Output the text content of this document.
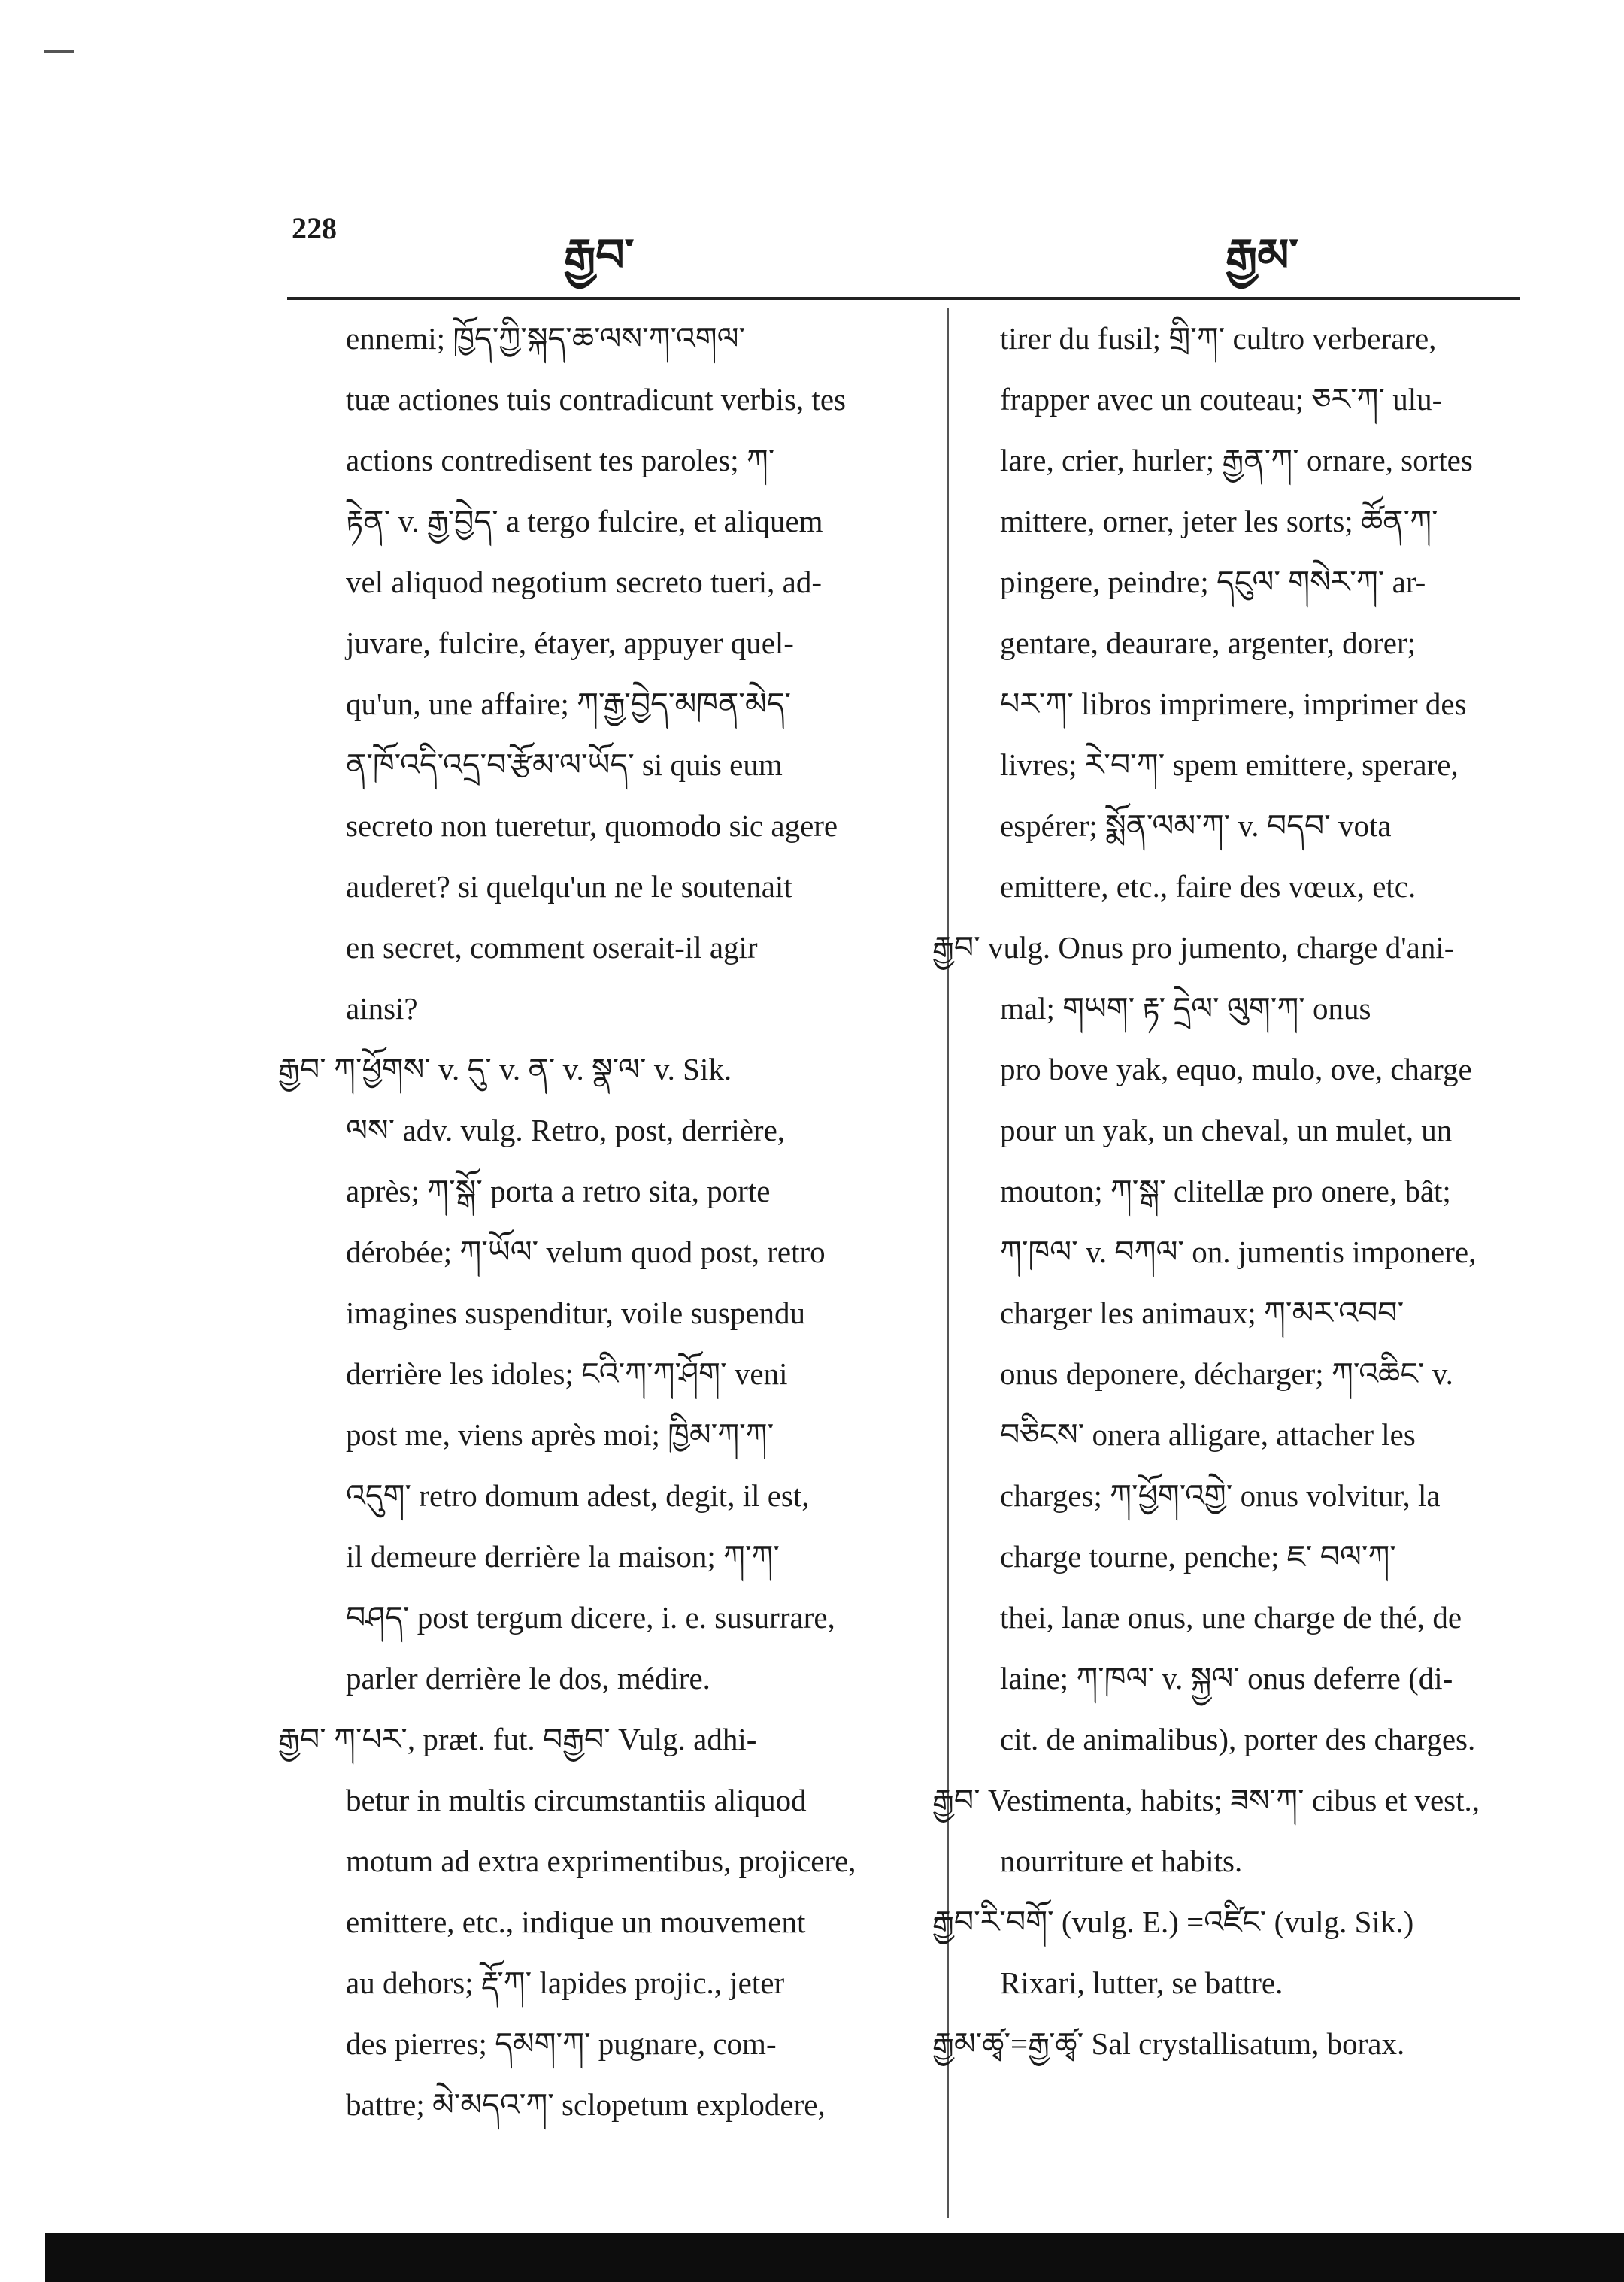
228
རྒྱབ་	རྒྱམ་
ennemi; ཁྱོད་ཀྱི་སྐད་ཆ་ལས་ཀ་འགལ་
tuæ actiones tuis contradicunt verbis, tes
actions contredisent tes paroles; ཀ་
རྟེན་ v. རྒྱ་བྱེད་ a tergo fulcire, et aliquem
vel aliquod negotium secreto tueri, ad-
juvare, fulcire, étayer, appuyer quel-
qu'un, une affaire; ཀ་རྒྱ་བྱེད་མཁན་མེད་
ན་ཁོ་འདི་འདྲ་བ་རྩོམ་ལ་ཡོད་ si quis eum
secreto non tueretur, quomodo sic agere
auderet? si quelqu'un ne le soutenait
en secret, comment oserait-il agir
ainsi?
རྒྱབ་ ཀ་ཕྱོགས་ v. དུ་ v. ན་ v. སྣ་ལ་ v. Sik.
ལས་ adv. vulg. Retro, post, derrière,
après; ཀ་སྒོ་ porta a retro sita, porte
dérobée; ཀ་ཡོལ་ velum quod post, retro
imagines suspenditur, voile suspendu
derrière les idoles; ངའི་ཀ་ཀ་ཤོག་ veni
post me, viens après moi; ཁྱིམ་ཀ་ཀ་
འདུག་ retro domum adest, degit, il est,
il demeure derrière la maison; ཀ་ཀ་
བཤད་ post tergum dicere, i. e. susurrare,
parler derrière le dos, médire.
རྒྱབ་ ཀ་པར་, præt. fut. བརྒྱབ་ Vulg. adhi-
betur in multis circumstantiis aliquod
motum ad extra exprimentibus, projicere,
emittere, etc., indique un mouvement
au dehors; རྡོ་ཀ་ lapides projic., jeter
des pierres; དམག་ཀ་ pugnare, com-
battre; མེ་མདའ་ཀ་ sclopetum explodere,
tirer du fusil; གྲི་ཀ་ cultro verberare,
frapper avec un couteau; ཅར་ཀ་ ulu-
lare, crier, hurler; རྒྱན་ཀ་ ornare, sortes
mittere, orner, jeter les sorts; ཚོན་ཀ་
pingere, peindre; དངུལ་ གསེར་ཀ་ ar-
gentare, deaurare, argenter, dorer;
པར་ཀ་ libros imprimere, imprimer des
livres; རེ་བ་ཀ་ spem emittere, sperare,
espérer; སྨོན་ལམ་ཀ་ v. བདབ་ vota
emittere, etc., faire des vœux, etc.
རྒྱབ་ vulg. Onus pro jumento, charge d'ani-
mal; གཡག་ རྟ་ དྲེལ་ ལུག་ཀ་ onus
pro bove yak, equo, mulo, ove, charge
pour un yak, un cheval, un mulet, un
mouton; ཀ་སྒ་ clitellæ pro onere, bât;
ཀ་ཁལ་ v. བཀལ་ on. jumentis imponere,
charger les animaux; ཀ་མར་འབབ་
onus deponere, décharger; ཀ་འཆིང་ v.
བཅིངས་ onera alligare, attacher les
charges; ཀ་ཕྱོག་འགྱེ་ onus volvitur, la
charge tourne, penche; ཇ་ བལ་ཀ་
thei, lanæ onus, une charge de thé, de
laine; ཀ་ཁལ་ v. སྐྱལ་ onus deferre (di-
cit. de animalibus), porter des charges.
རྒྱབ་ Vestimenta, habits; ཟས་ཀ་ cibus et vest.,
nourriture et habits.
རྒྱབ་རི་བགོ་ (vulg. E.) =འཛིང་ (vulg. Sik.)
Rixari, lutter, se battre.
རྒྱམ་ཚྭ་=རྒྱ་ཚྭ་ Sal crystallisatum, borax.
